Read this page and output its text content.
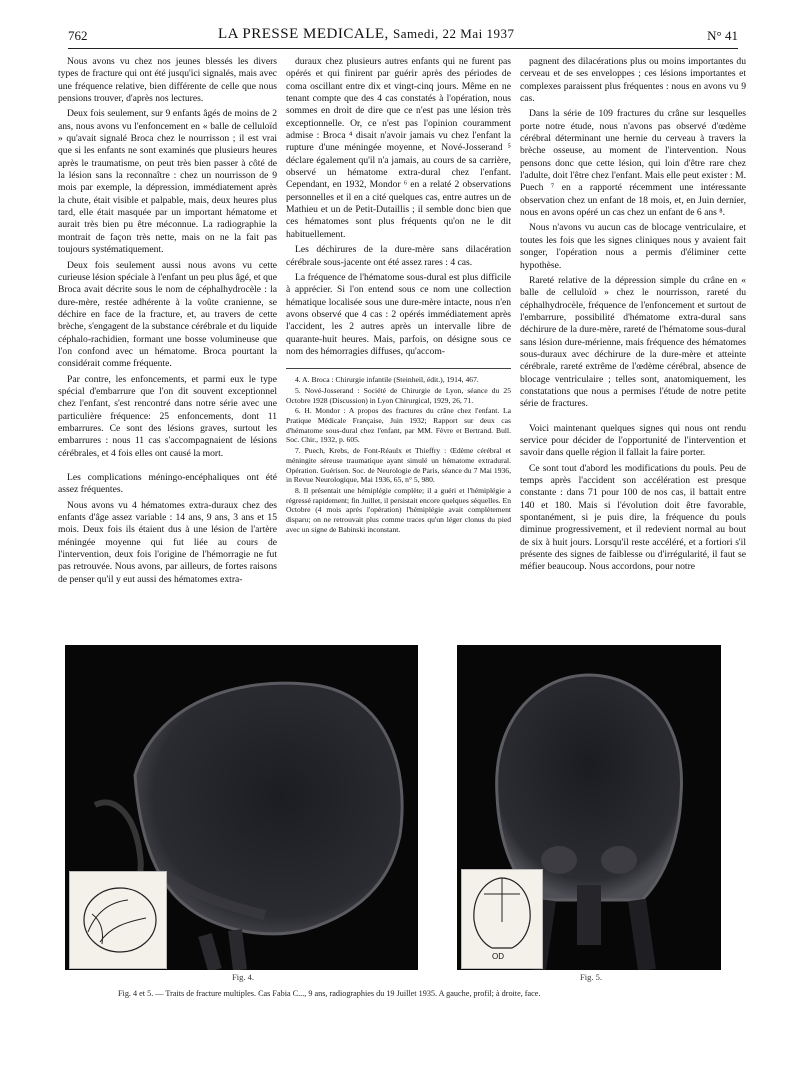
762	LA PRESSE MEDICALE, Samedi, 22 Mai 1937	N° 41

Nous avons vu chez nos jeunes blessés les divers types de fracture qui ont été jusqu'ici signalés, mais avec une fréquence relative, bien différente de celle que nous pensions trouver, d'après nos lectures.

Deux fois seulement, sur 9 enfants âgés de moins de 2 ans, nous avons vu l'enfoncement en « balle de celluloïd » qu'avait signalé Broca chez le nourrisson ; il est vrai que si les enfants ne sont examinés que plusieurs heures après le traumatisme, on peut très bien passer à côté de la lésion sans la reconnaître : chez un nourrisson de 9 mois par exemple, la dépression, immédiatement après la chute, était visible et palpable, mais, deux heures plus tard, elle était masquée par un important hématome et aurait très bien pu être méconnue. La radiographie la montrait de façon très nette, mais on ne la fait pas toujours systématiquement.

Deux fois seulement aussi nous avons vu cette curieuse lésion spéciale à l'enfant un peu plus âgé, et que Broca avait décrite sous le nom de céphalhydrocèle : la dure-mère, restée adhérente à la voûte cranienne, se déchire en face de la fracture, et, au travers de cette brèche, s'engagent de la substance cérébrale et du liquide céphalo-rachidien, formant une bosse volumineuse que l'on confond avec un hématome. Broca pourtant la considérait comme fréquente.

Par contre, les enfoncements, et parmi eux le type spécial d'embarrure que l'on dit souvent exceptionnel chez l'enfant, s'est rencontré dans notre série avec une particulière fréquence: 25 enfoncements, dont 11 embarrures. Ce sont des lésions graves, surtout les embarrures : nous 11 cas s'accompagnaient de lésions cérébrales, et 4 fois elles ont causé la mort.

Les complications méningo-encéphaliques ont été assez fréquentes.

Nous avons vu 4 hématomes extra-duraux chez des enfants d'âge assez variable : 14 ans, 9 ans, 3 ans et 15 mois. Deux fois ils étaient dus à une lésion de l'artère méningée moyenne qui fut liée au cours de l'intervention, deux fois l'origine de l'hémorragie ne fut pas retrouvée. Nous avons, par ailleurs, de fortes raisons de penser qu'il y eut aussi des hématomes extra-

duraux chez plusieurs autres enfants qui ne furent pas opérés et qui finirent par guérir après des périodes de coma oscillant entre dix et vingt-cinq jours. Même en ne tenant compte que des 4 cas constatés à l'opération, nous sommes en droit de dire que ce n'est pas une lésion très exceptionnelle. Or, ce n'est pas l'opinion couramment admise : Broca ⁴ disait n'avoir jamais vu chez l'enfant la rupture d'une méningée moyenne, et Nové-Josserand ⁵ déclare également qu'il n'a jamais, au cours de sa carrière, observé un hématome extra-dural chez l'enfant. Cependant, en 1932, Mondor ⁶ en a relaté 2 observations personnelles et il en a cité quelques cas, entre autres un de Mathieu et un de Petit-Dutaillis ; il semble donc bien que ces hématomes sont plus fréquents qu'on ne le dit habituellement.

Les déchirures de la dure-mère sans dilacération cérébrale sous-jacente ont été assez rares : 4 cas.

La fréquence de l'hématome sous-dural est plus difficile à apprécier. Si l'on entend sous ce nom une collection hématique localisée sous une dure-mère intacte, nous n'en avons observé que 4 cas : 2 opérés immédiatement après l'accident, les 2 autres après un intervalle libre de quarante-huit heures. Mais, parfois, on désigne sous ce nom des hémorragies diffuses, qu'accom-

4. A. Broca : Chirurgie infantile (Steinheil, édit.), 1914, 467.

5. Nové-Josserand : Société de Chirurgie de Lyon, séance du 25 Octobre 1928 (Discussion) in Lyon Chirurgical, 1929, 26, 71.

6. H. Mondor : A propos des fractures du crâne chez l'enfant. La Pratique Médicale Française, Juin 1932; Rapport sur deux cas d'hématome sous-dural chez l'enfant, par MM. Fèvre et Bertrand. Bull. Soc. Chir., 1932, p. 605.

7. Puech, Krebs, de Font-Réaulx et Thieffry : Œdème cérébral et méningite séreuse traumatique ayant simulé un hématome extradural. Opération. Guérison. Soc. de Neurologie de Paris, séance du 7 Mai 1936, in Revue Neurologique, Mai 1936, 65, n° 5, 980.

8. Il présentait une hémiplégie complète; il a guéri et l'hémiplégie a régressé rapidement; fin Juillet, il persistait encore quelques séquelles. En Octobre (4 mois après l'opération) l'hémiplégie avait complètement disparu; on ne retrouvait plus comme traces qu'un léger clonus du pied avec un signe de Babinski inconstant.

pagnent des dilacérations plus ou moins importantes du cerveau et de ses enveloppes ; ces lésions importantes et complexes paraissent plus fréquentes : nous en avons vu 9 cas.

Dans la série de 109 fractures du crâne sur lesquelles porte notre étude, nous n'avons pas observé d'œdème cérébral déterminant une hernie du cerveau à travers la brèche osseuse, au moment de l'intervention. Nous pensons donc que cette lésion, qui loin d'être rare chez l'adulte, doit l'être chez l'enfant. Mais elle peut exister : M. Puech ⁷ en a rapporté récemment une intéressante observation chez un enfant de 18 mois, et, en Juin dernier, nous en avons opéré un cas chez un enfant de 6 ans ⁸.

Nous n'avons vu aucun cas de blocage ventriculaire, et toutes les fois que les signes cliniques nous y avaient fait songer, l'opération nous a permis d'éliminer cette hypothèse.

Rareté relative de la dépression simple du crâne en « balle de celluloïd » chez le nourrisson, rareté du céphalhydrocèle, fréquence de l'enfoncement et surtout de l'embarrure, possibilité d'hématome extra-dural sans déchirure de la dure-mère, rareté de l'hématome sous-dural sans lésion dure-mérienne, mais fréquence des hématomes sous-duraux avec déchirure de la dure-mère et atteinte cérébrale, rareté extrême de l'œdème cérébral, absence de blocage ventriculaire ; telles sont, anatomiquement, les constatations que nous a permises l'étude de notre petite série de fractures.

Voici maintenant quelques signes qui nous ont rendu service pour décider de l'opportunité de l'intervention et savoir dans quelle région il fallait la faire porter.

Ce sont tout d'abord les modifications du pouls. Peu de temps après l'accident son accélération est presque constante : dans 71 pour 100 de nos cas, il battait entre 140 et 180. Mais si l'évolution doit être favorable, spontanément, si je puis dire, la fréquence du pouls diminue progressivement, et il redevient normal au bout de six à huit jours. Lorsqu'il reste accéléré, et a fortiori s'il présente des signes de faiblesse ou d'irrégularité, il faut se méfier beaucoup. Nous accordons, pour notre

OD
Fig. 4.	Fig. 5.
Fig. 4 et 5. — Traits de fracture multiples. Cas Fabia C..., 9 ans, radiographies du 19 Juillet 1935. A gauche, profil; à droite, face.
